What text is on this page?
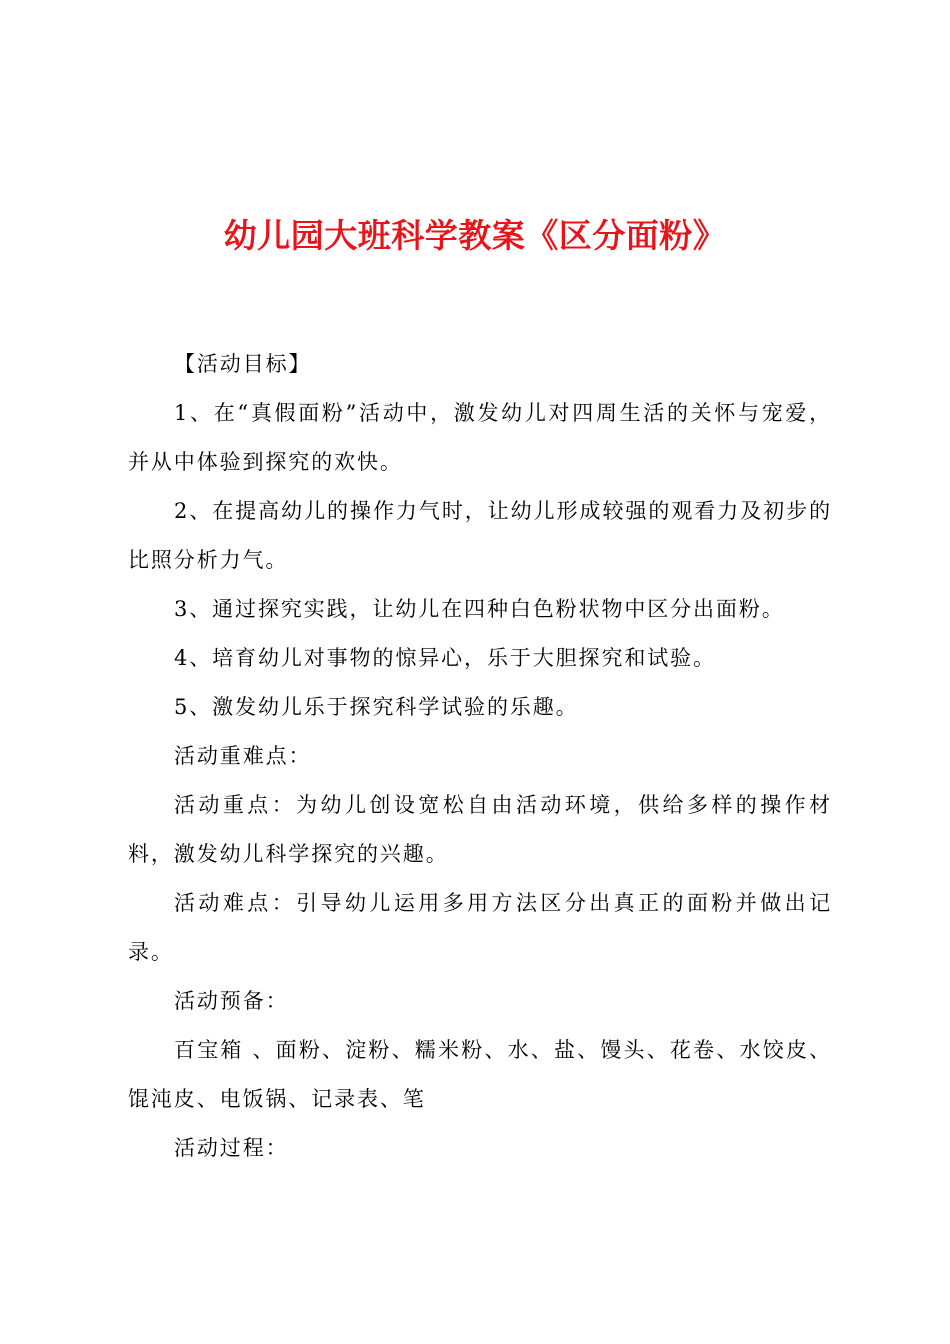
幼儿园大班科学教案《区分面粉》

【活动目标】

1、在“真假面粉”活动中，激发幼儿对四周生活的关怀与宠爱，并从中体验到探究的欢快。

2、在提高幼儿的操作力气时，让幼儿形成较强的观看力及初步的比照分析力气。

3、通过探究实践，让幼儿在四种白色粉状物中区分出面粉。

4、培育幼儿对事物的惊异心，乐于大胆探究和试验。

5、激发幼儿乐于探究科学试验的乐趣。

活动重难点：

活动重点：为幼儿创设宽松自由活动环境，供给多样的操作材料，激发幼儿科学探究的兴趣。

活动难点：引导幼儿运用多用方法区分出真正的面粉并做出记录。

活动预备：

百宝箱 、面粉、淀粉、糯米粉、水、盐、馒头、花卷、水饺皮、馄沌皮、电饭锅、记录表、笔

活动过程：
